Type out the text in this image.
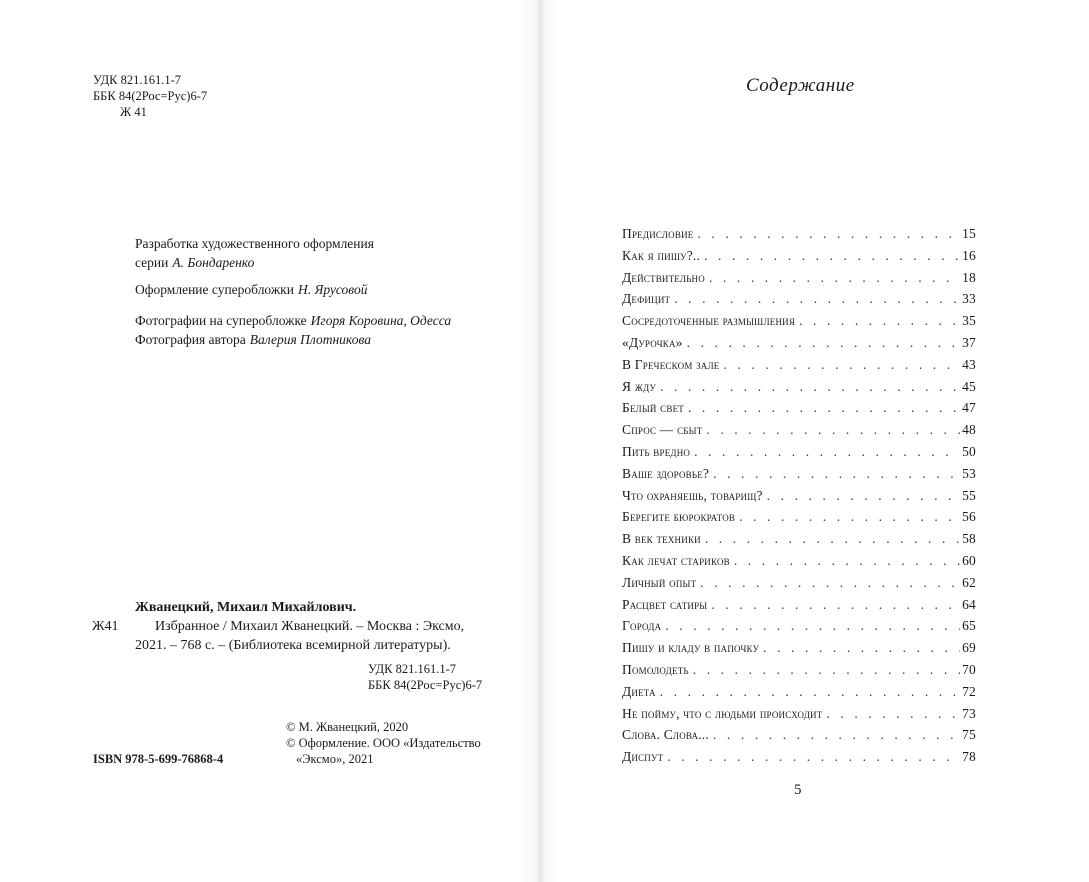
УДК 821.161.1-7
ББК 84(2Рос=Рус)6-7
Ж 41
Разработка художественного оформления
серии А. Бондаренко
Оформление суперобложки Н. Ярусовой
Фотографии на суперобложке Игоря Коровина, Одесса
Фотография автора Валерия Плотникова
Жванецкий, Михаил Михайлович.
Ж41	Избранное / Михаил Жванецкий. – Москва : Эксмо,
2021. – 768 с. – (Библиотека всемирной литературы).
УДК 821.161.1-7
ББК 84(2Рос=Рус)6-7
© М. Жванецкий, 2020
© Оформление. ООО «Издательство
«Эксмо», 2021
ISBN 978-5-699-76868-4
Содержание
Предисловие . . .	15
Как я пишу?.. . . .	16
Действительно . . .	18
Дефицит . . .	33
Сосредоточенные размышления . . .	35
«Дурочка» . . .	37
В Греческом зале . . .	43
Я жду . . .	45
Белый свет . . .	47
Спрос — сбыт . . .	48
Пить вредно . . .	50
Ваше здоровье? . . .	53
Что охраняешь, товарищ? . . .	55
Берегите бюрократов . . .	56
В век техники . . .	58
Как лечат стариков . . .	60
Личный опыт . . .	62
Расцвет сатиры . . .	64
Города . . .	65
Пишу и кладу в папочку . . .	69
Помолодеть . . .	70
Диета . . .	72
Не пойму, что с людьми происходит . . .	73
Слова. Слова... . . .	75
Диспут . . .	78
5
